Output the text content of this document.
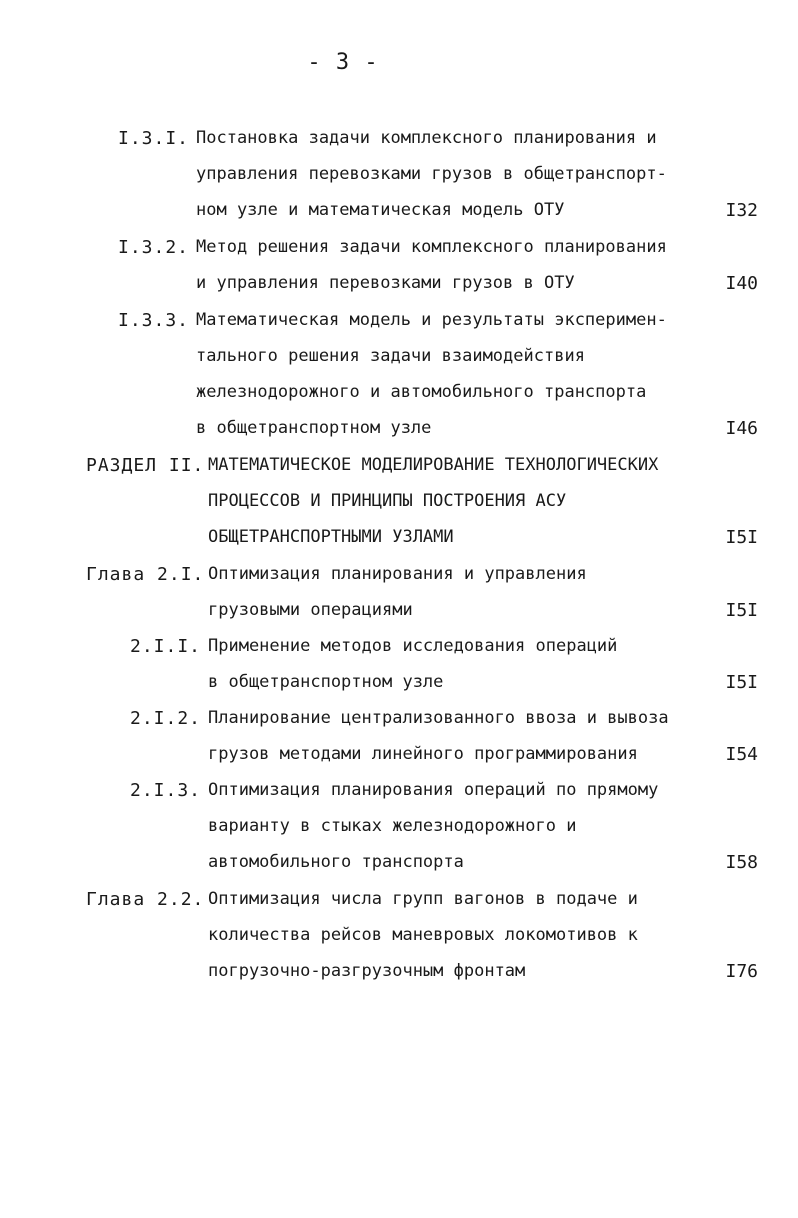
- 3 -
I.3.I. Постановка задачи комплексного планирования и
управления перевозками грузов в общетранспорт-
ном узле и математическая модель ОТУ	I32
I.3.2. Метод решения задачи комплексного планирования
и управления перевозками грузов в ОТУ	I40
I.3.3. Математическая модель и результаты эксперимен-
тального решения задачи взаимодействия
железнодорожного и автомобильного транспорта
в общетранспортном узле	I46
РАЗДЕЛ II. МАТЕМАТИЧЕСКОЕ МОДЕЛИРОВАНИЕ ТЕХНОЛОГИЧЕСКИХ
ПРОЦЕССОВ И ПРИНЦИПЫ ПОСТРОЕНИЯ АСУ
ОБЩЕТРАНСПОРТНЫМИ УЗЛАМИ	I5I
Глава 2.I. Оптимизация планирования и управления
грузовыми операциями	I5I
2.I.I. Применение методов исследования операций
в общетранспортном узле	I5I
2.I.2. Планирование централизованного ввоза и вывоза
грузов методами линейного программирования	I54
2.I.3. Оптимизация планирования операций по прямому
варианту в стыках железнодорожного и
автомобильного транспорта	I58
Глава 2.2. Оптимизация числа групп вагонов в подаче и
количества рейсов маневровых локомотивов к
погрузочно-разгрузочным фронтам	I76
